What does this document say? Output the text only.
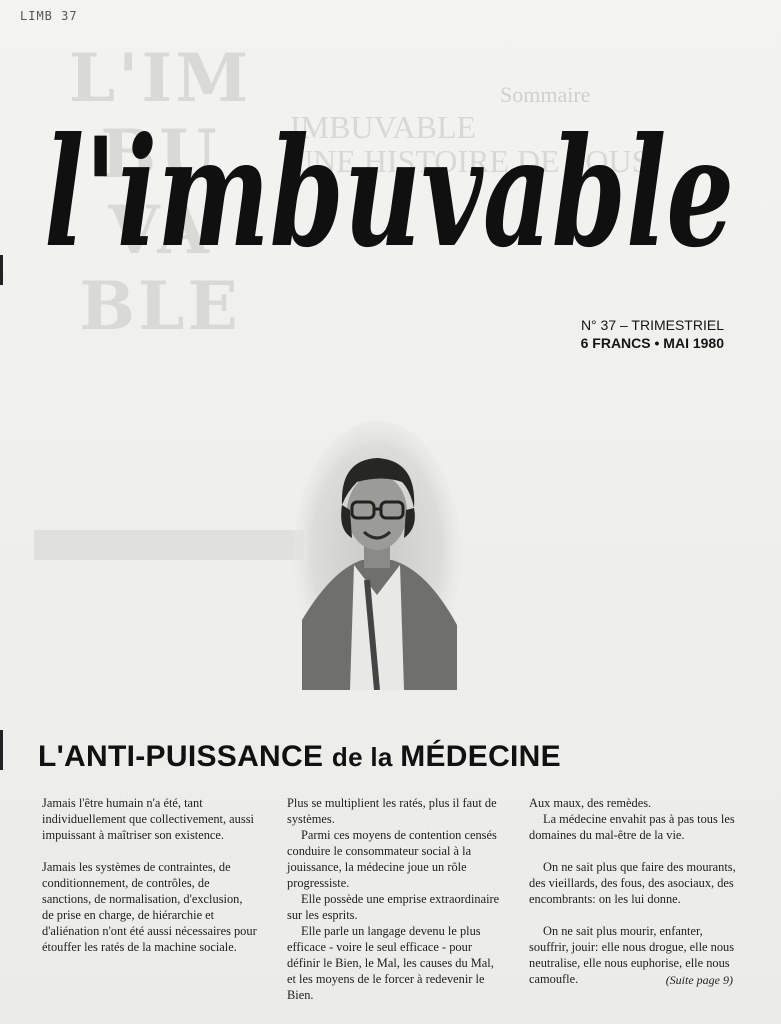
LIMB 37
L'IM
BU
VA
BLE
Sommaire
IMBUVABLE
UNE HISTOIRE DE FOUS
l'imbuvable
N° 37 – TRIMESTRIEL
6 FRANCS • MAI 1980
L'ANTI-PUISSANCE de la MÉDECINE

Jamais l'être humain n'a été, tant individuellement que collectivement, aussi impuissant à maîtriser son existence.

Jamais les systèmes de contraintes, de conditionnement, de contrôles, de sanctions, de normalisation, d'exclusion, de prise en charge, de hiérarchie et d'aliénation n'ont été aussi nécessaires pour étouffer les ratés de la machine sociale.

Plus se multiplient les ratés, plus il faut de systèmes.

Parmi ces moyens de contention censés conduire le consommateur social à la jouissance, la médecine joue un rôle progressiste.

Elle possède une emprise extraordinaire sur les esprits.

Elle parle un langage devenu le plus efficace - voire le seul efficace - pour définir le Bien, le Mal, les causes du Mal, et les moyens de le forcer à redevenir le Bien.

Aux maux, des remèdes.

La médecine envahit pas à pas tous les domaines du mal-être de la vie.

On ne sait plus que faire des mourants, des vieillards, des fous, des asociaux, des encombrants: on les lui donne.

On ne sait plus mourir, enfanter, souffrir, jouir: elle nous drogue, elle nous neutralise, elle nous euphorise, elle nous camoufle.	(Suite page 9)
